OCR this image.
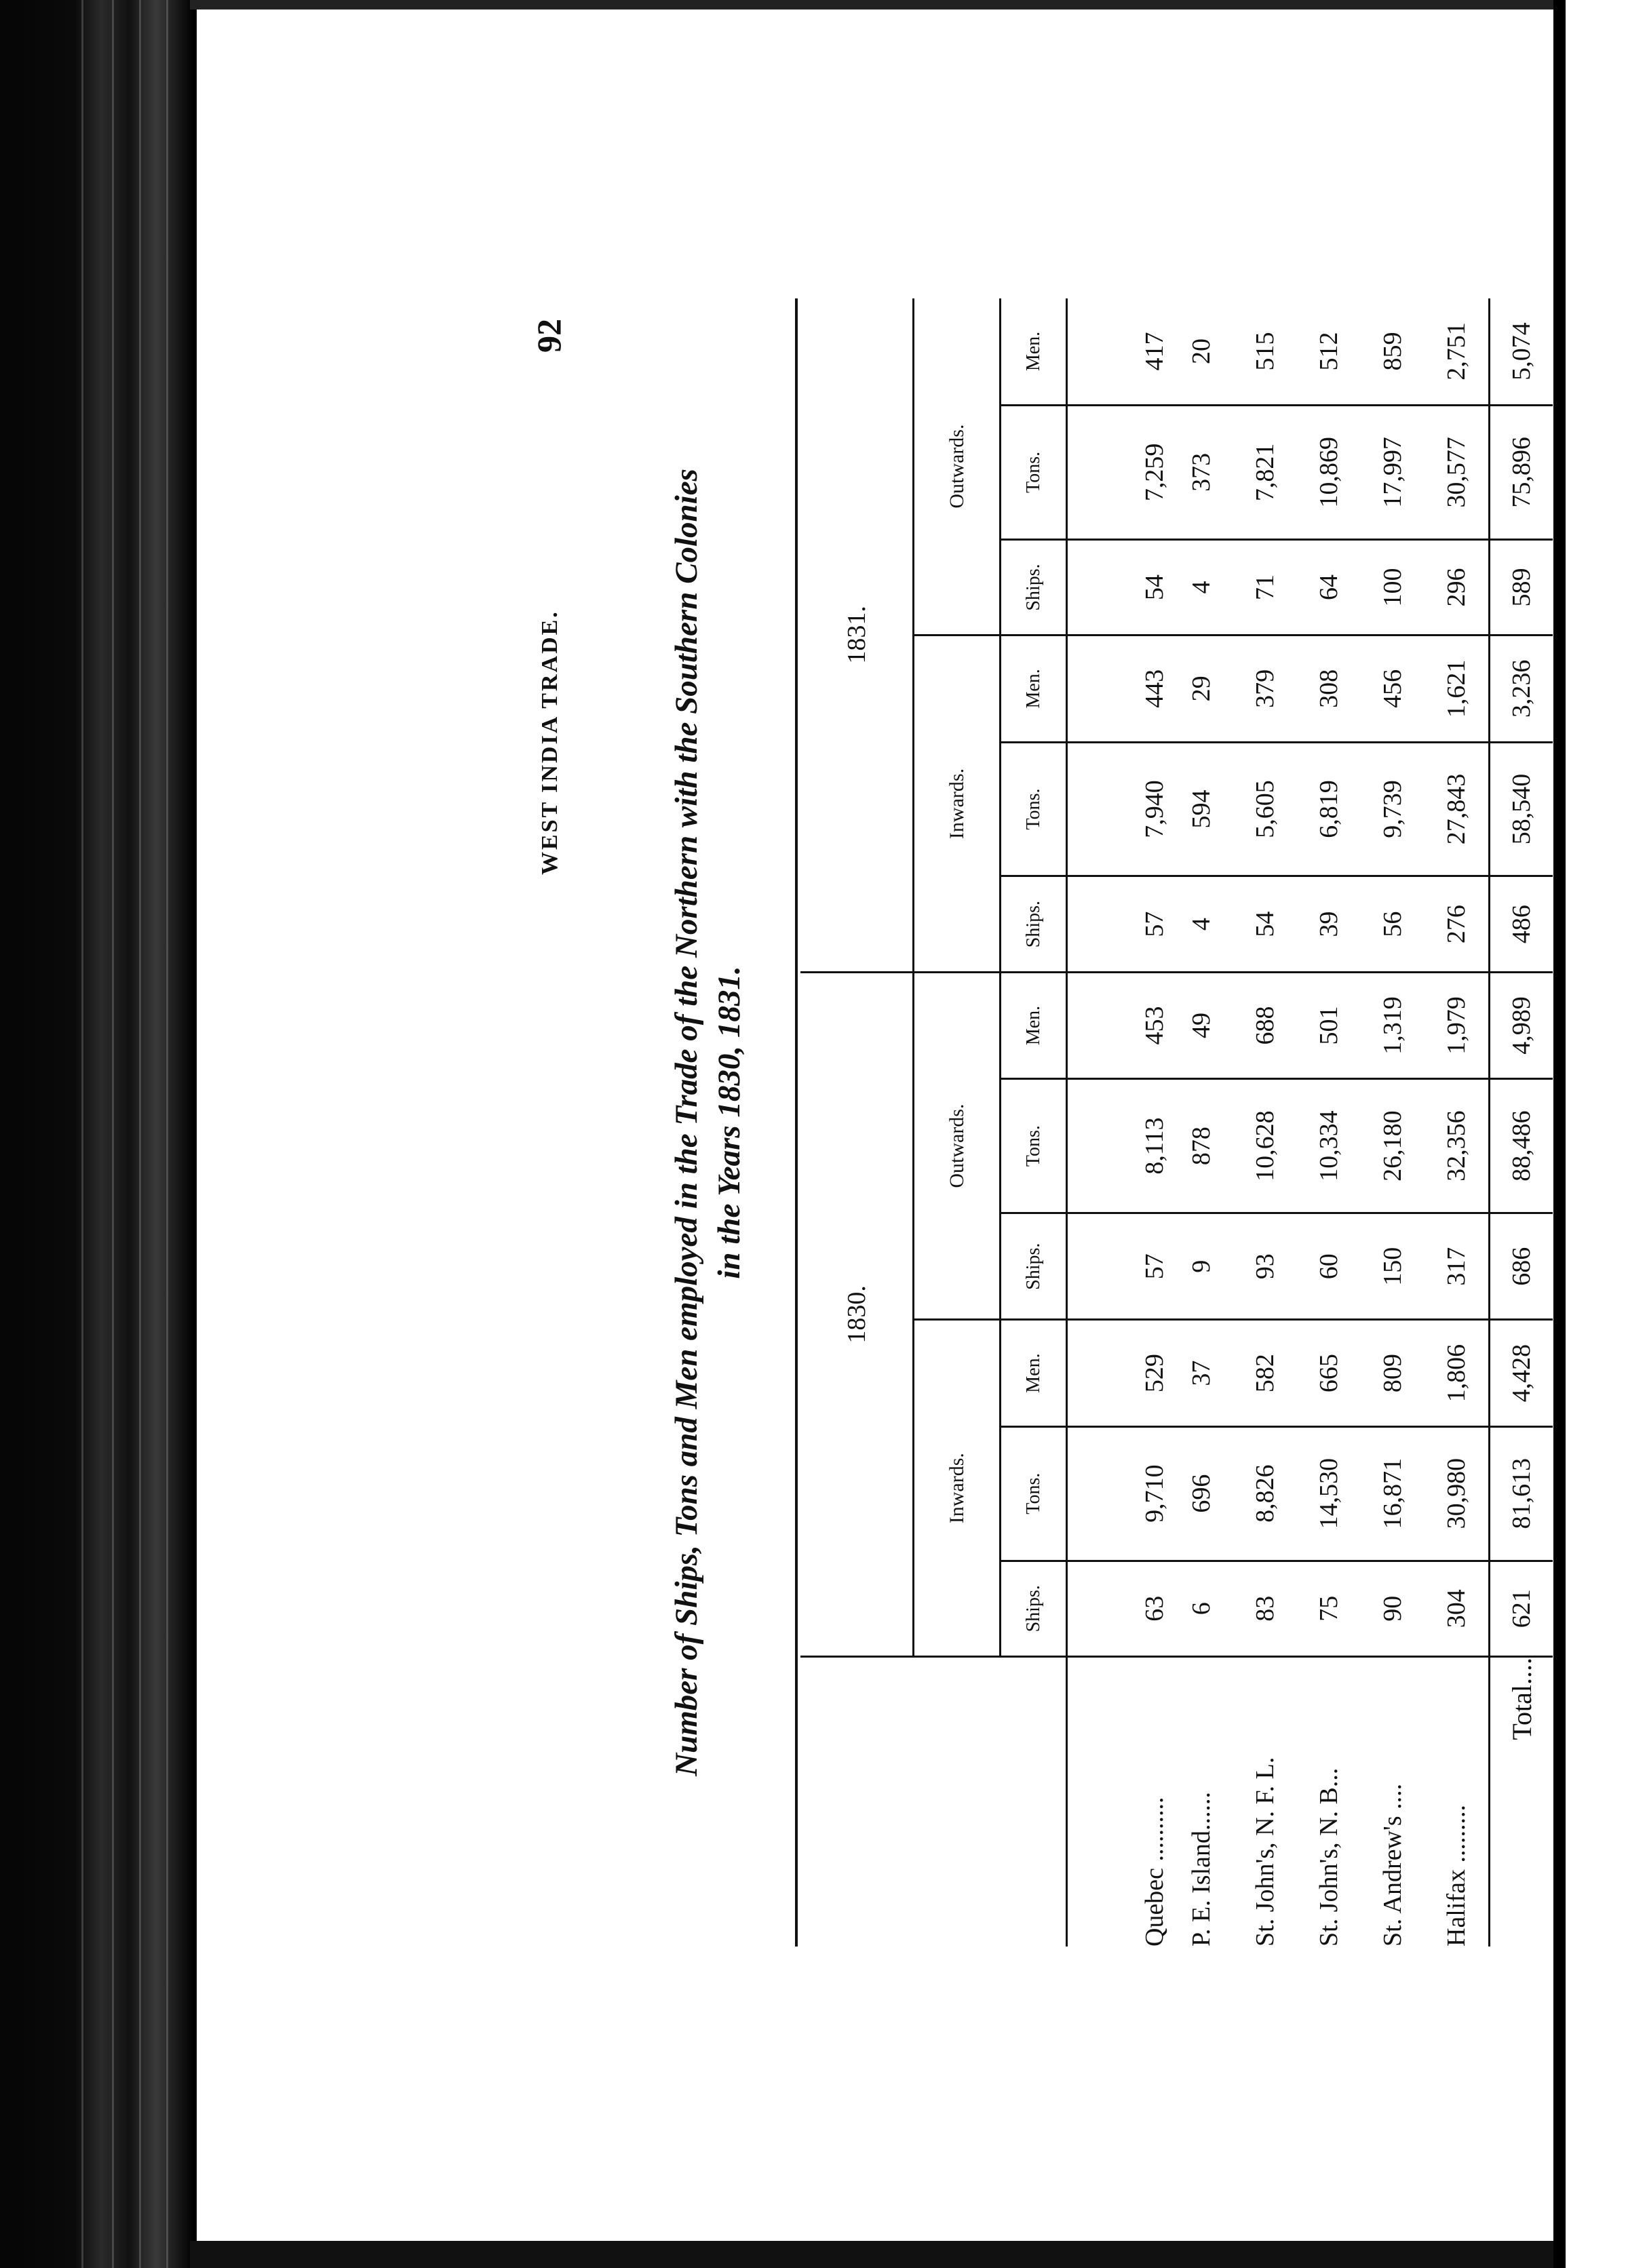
92
WEST INDIA TRADE.	Number of Ships, Tons and Men employed in the Trade of the Northern with the Southern Colonies in the Years 1830, 1831.
	1830.						1831.					
	Inwards.			Outwards.			Inwards.			Outwards.		
	Ships.	Tons.	Men.	Ships.	Tons.	Men.	Ships.	Tons.	Men.	Ships.	Tons.	Men.
Quebec ..........	63	9,710	529	57	8,113	453	57	7,940	443	54	7,259	417
P. E. Island......	6	696	37	9	878	49	4	594	29	4	373	20
St. John's, N. F. L.	83	8,826	582	93	10,628	688	54	5,605	379	71	7,821	515
St. John's, N. B...	75	14,530	665	60	10,334	501	39	6,819	308	64	10,869	512
St. Andrew's ....	90	16,871	809	150	26,180	1,319	56	9,739	456	100	17,997	859
Halifax .........	304	30,980	1,806	317	32,356	1,979	276	27,843	1,621	296	30,577	2,751
Total....	621	81,613	4,428	686	88,486	4,989	486	58,540	3,236	589	75,896	5,074
